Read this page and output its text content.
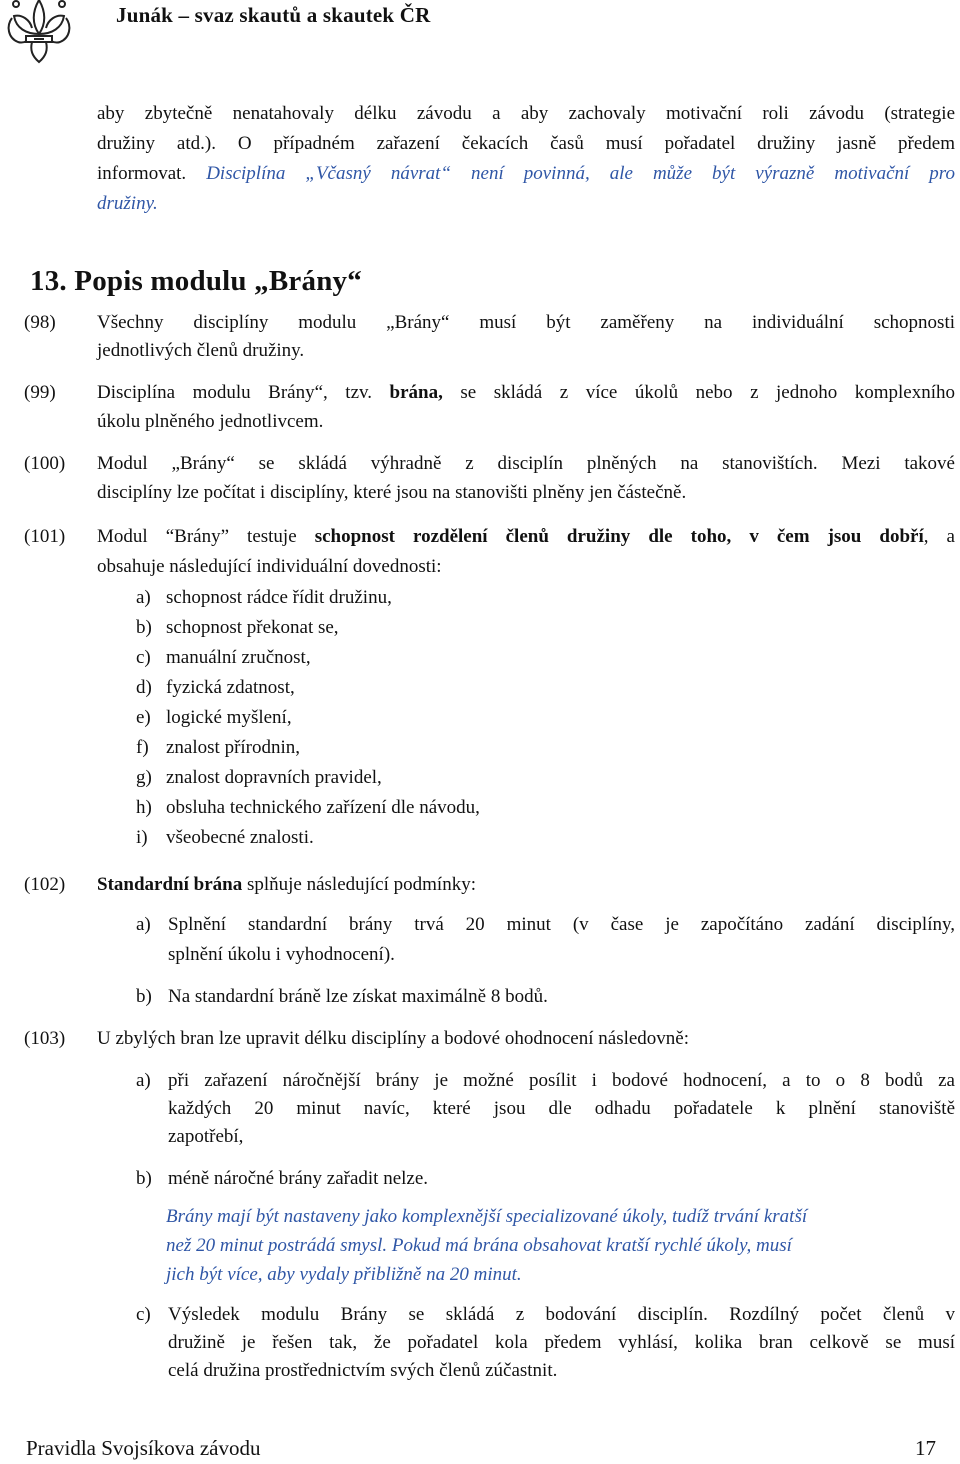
Junák – svaz skautů a skautek ČR
aby zbytečně nenatahovaly délku závodu a aby zachovaly motivační roli závodu (strategie
družiny atd.). O případném zařazení čekacích časů musí pořadatel družiny jasně předem
informovat. Disciplína „Včasný návrat“ není povinná, ale může být výrazně motivační pro
družiny.
13. Popis modulu „Brány“
(98) Všechny disciplíny modulu „Brány“ musí být zaměřeny na individuální schopnosti
jednotlivých členů družiny.
(99) Disciplína modulu Brány“, tzv. brána, se skládá z více úkolů nebo z jednoho komplexního
úkolu plněného jednotlivcem.
(100) Modul „Brány“ se skládá výhradně z disciplín plněných na stanovištích. Mezi takové
disciplíny lze počítat i disciplíny, které jsou na stanovišti plněny jen částečně.
(101) Modul “Brány” testuje schopnost rozdělení členů družiny dle toho, v čem jsou dobří, a
obsahuje následující individuální dovednosti:
a) schopnost rádce řídit družinu,
b) schopnost překonat se,
c) manuální zručnost,
d) fyzická zdatnost,
e) logické myšlení,
f) znalost přírodnin,
g) znalost dopravních pravidel,
h) obsluha technického zařízení dle návodu,
i) všeobecné znalosti.
(102) Standardní brána splňuje následující podmínky:
a) Splnění standardní brány trvá 20 minut (v čase je započítáno zadání disciplíny,
splnění úkolu i vyhodnocení).
b) Na standardní bráně lze získat maximálně 8 bodů.
(103) U zbylých bran lze upravit délku disciplíny a bodové ohodnocení následovně:
a) při zařazení náročnější brány je možné posílit i bodové hodnocení, a to o 8 bodů za
každých 20 minut navíc, které jsou dle odhadu pořadatele k plnění stanoviště
zapotřebí,
b) méně náročné brány zařadit nelze.
Brány mají být nastaveny jako komplexnější specializované úkoly, tudíž trvání kratší
než 20 minut postrádá smysl. Pokud má brána obsahovat kratší rychlé úkoly, musí
jich být více, aby vydaly přibližně na 20 minut.
c) Výsledek modulu Brány se skládá z bodování disciplín. Rozdílný počet členů v
družině je řešen tak, že pořadatel kola předem vyhlásí, kolika bran celkově se musí
celá družina prostřednictvím svých členů zúčastnit.
Pravidla Svojsíkova závodu	17
